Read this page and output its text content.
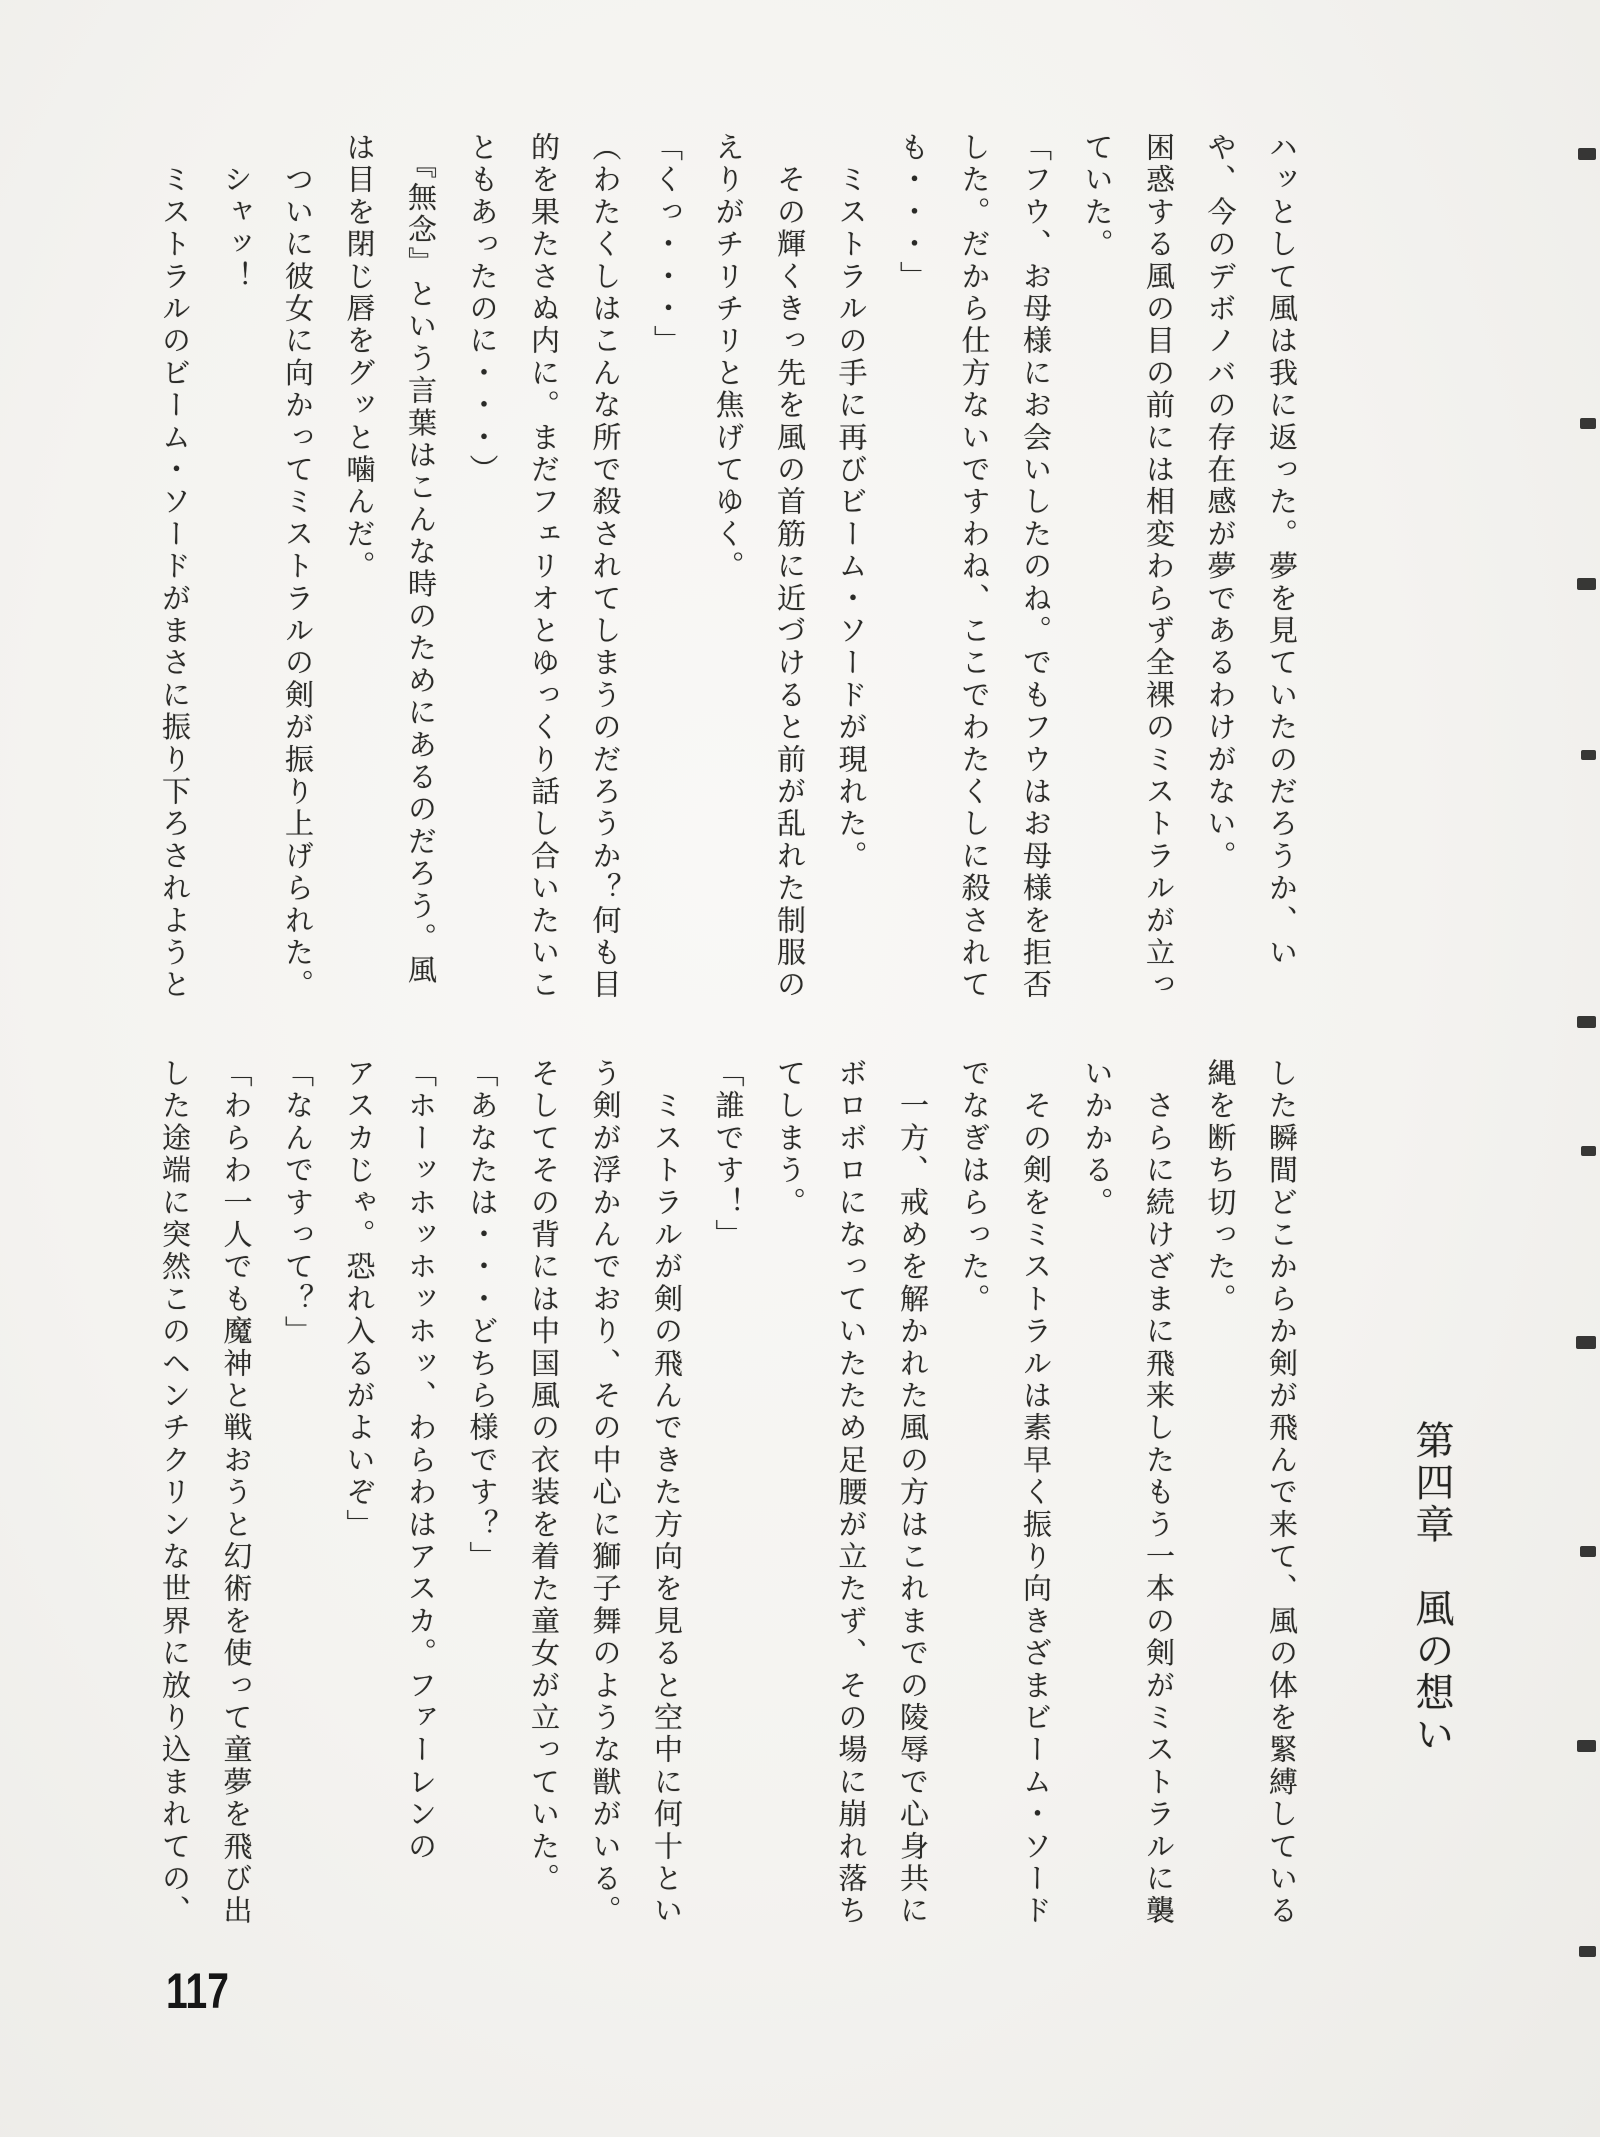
ハッとして風は我に返った。夢を見ていたのだろうか、い

や、今のデボノバの存在感が夢であるわけがない。

困惑する風の目の前には相変わらず全裸のミストラルが立っ

ていた。

「フウ、お母様にお会いしたのね。でもフウはお母様を拒否

した。だから仕方ないですわね、ここでわたくしに殺されて

も・・・」

　ミストラルの手に再びビーム・ソードが現れた。

　その輝くきっ先を風の首筋に近づけると前が乱れた制服の

えりがチリチリと焦げてゆく。

「くっ・・・」

（わたくしはこんな所で殺されてしまうのだろうか？何も目

的を果たさぬ内に。まだフェリオとゆっくり話し合いたいこ

ともあったのに・・・）

　『無念』という言葉はこんな時のためにあるのだろう。風

は目を閉じ唇をグッと噛んだ。

　ついに彼女に向かってミストラルの剣が振り上げられた。

　シャッ！

　ミストラルのビーム・ソードがまさに振り下ろされようと

第四章　風の想い

した瞬間どこからか剣が飛んで来て、風の体を緊縛している

縄を断ち切った。

　さらに続けざまに飛来したもう一本の剣がミストラルに襲

いかかる。

　その剣をミストラルは素早く振り向きざまビーム・ソード

でなぎはらった。

　一方、戒めを解かれた風の方はこれまでの陵辱で心身共に

ボロボロになっていたため足腰が立たず、その場に崩れ落ち

てしまう。

「誰です！」

　ミストラルが剣の飛んできた方向を見ると空中に何十とい

う剣が浮かんでおり、その中心に獅子舞のような獣がいる。

そしてその背には中国風の衣装を着た童女が立っていた。

「あなたは・・・どちら様です？」

「ホーッホッホッホッ、わらわはアスカ。ファーレンの

アスカじゃ。恐れ入るがよいぞ」

「なんですって？」

「わらわ一人でも魔神と戦おうと幻術を使って童夢を飛び出

した途端に突然このヘンチクリンな世界に放り込まれての、

117
